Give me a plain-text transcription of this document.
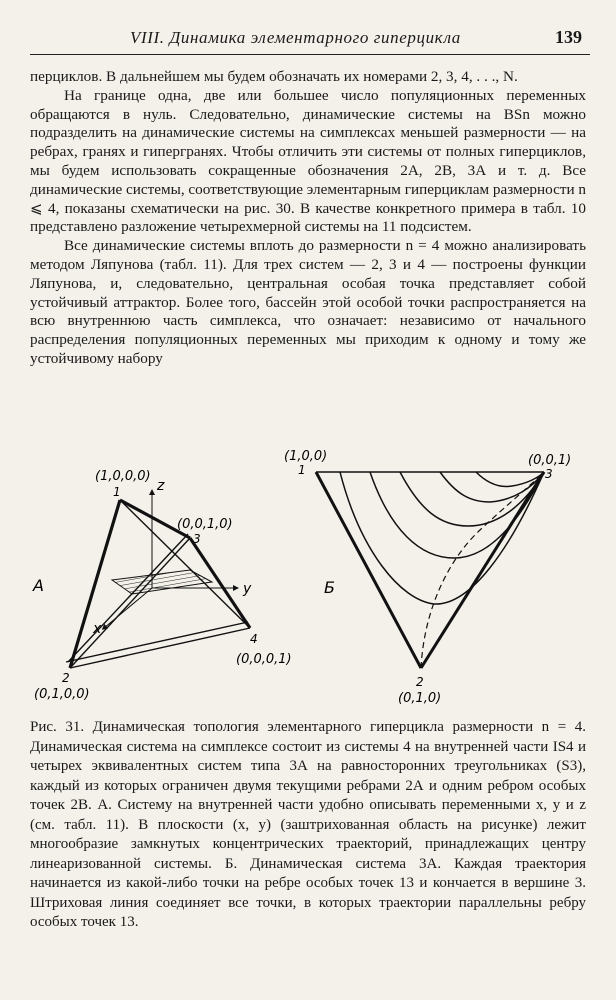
VIII. Динамика элементарного гиперцикла	139

перциклов. В дальнейшем мы будем обозначать их номерами 2, 3, 4, . . ., N.

На границе одна, две или большее число популяционных переменных обращаются в нуль. Следовательно, динамические системы на BSn можно подразделить на динамические системы на симплексах меньшей размерности — на ребрах, гранях и гипергранях. Чтобы отличить эти системы от полных гиперциклов, мы будем использовать сокращенные обозначения 2А, 2В, 3А и т. д. Все динамические системы, соответствующие элементарным гиперциклам размерности n ⩽ 4, показаны схематически на рис. 30. В качестве конкретного примера в табл. 10 представлено разложение четырехмерной системы на 11 подсистем.

Все динамические системы вплоть до размерности n = 4 можно анализировать методом Ляпунова (табл. 11). Для трех систем — 2, 3 и 4 — построены функции Ляпунова, и, следовательно, центральная особая точка представляет собой устойчивый аттрактор. Более того, бассейн этой особой точки распространяется на всю внутреннюю часть симплекса, что означает: независимо от начального распределения популяционных переменных мы приходим к одному и тому же устойчивому набору

A
z
y
x
(1,0,0,0)
1
(0,0,1,0)
3
4
(0,0,0,1)
2
(0,1,0,0)
Б
(1,0,0)
1
(0,0,1)
3
2
(0,1,0)

Рис. 31. Динамическая топология элементарного гиперцикла размерности n = 4. Динамическая система на симплексе состоит из системы 4 на внутренней части IS4 и четырех эквивалентных систем типа 3А на равносторонних треугольниках (S3), каждый из которых ограничен двумя текущими ребрами 2А и одним ребром особых точек 2В. А. Систему на внутренней части удобно описывать переменными x, y и z (см. табл. 11). В плоскости (x, y) (заштрихованная область на рисунке) лежит многообразие замкнутых концентрических траекторий, принадлежащих центру линеаризованной системы. Б. Динамическая система 3А. Каждая траектория начинается из какой-либо точки на ребре особых точек 13 и кончается в вершине 3. Штриховая линия соединяет все точки, в которых траектории параллельны ребру особых точек 13.
